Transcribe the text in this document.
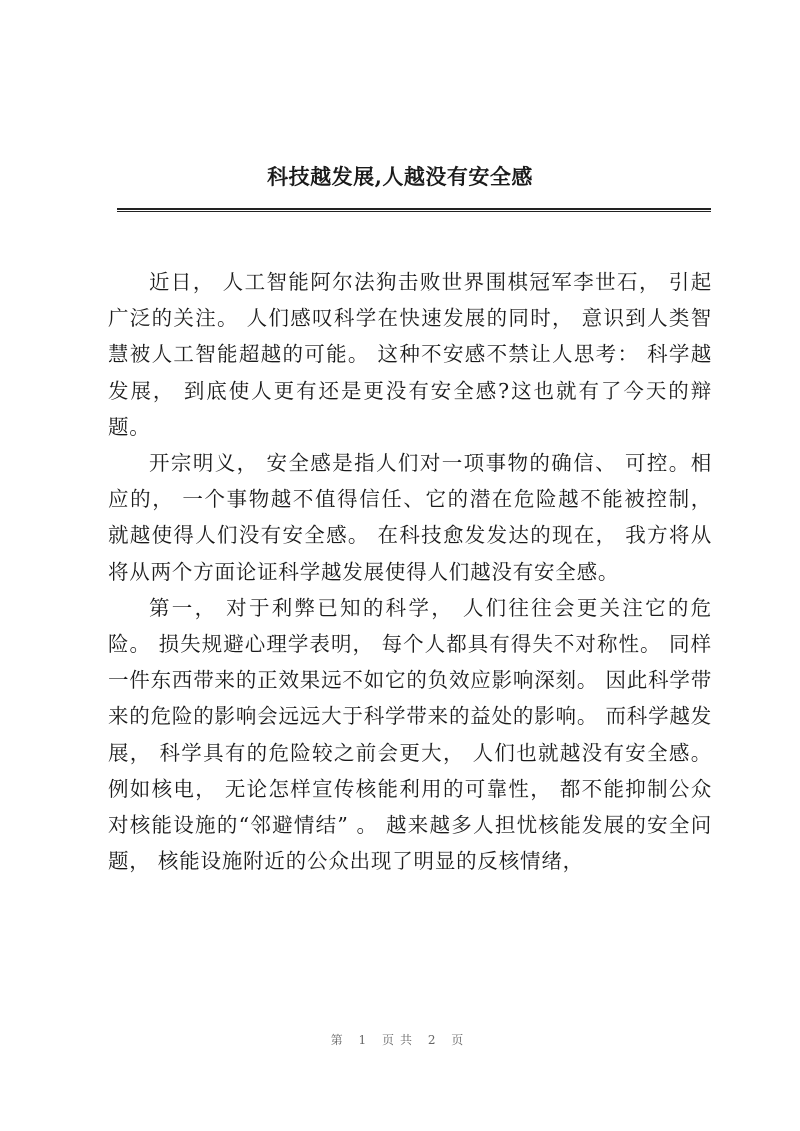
科技越发展,人越没有安全感

近日， 人工智能阿尔法狗击败世界围棋冠军李世石， 引起广泛的关注。 人们感叹科学在快速发展的同时， 意识到人类智慧被人工智能超越的可能。 这种不安感不禁让人思考： 科学越发展， 到底使人更有还是更没有安全感?这也就有了今天的辩题。

开宗明义， 安全感是指人们对一项事物的确信、 可控。相应的， 一个事物越不值得信任、它的潜在危险越不能被控制， 就越使得人们没有安全感。 在科技愈发发达的现在， 我方将从将从两个方面论证科学越发展使得人们越没有安全感。

第一， 对于利弊已知的科学， 人们往往会更关注它的危险。 损失规避心理学表明， 每个人都具有得失不对称性。 同样一件东西带来的正效果远不如它的负效应影响深刻。 因此科学带来的危险的影响会远远大于科学带来的益处的影响。 而科学越发展， 科学具有的危险较之前会更大， 人们也就越没有安全感。 例如核电， 无论怎样宣传核能利用的可靠性， 都不能抑制公众对核能设施的“邻避情结” 。 越来越多人担忧核能发展的安全问题， 核能设施附近的公众出现了明显的反核情绪，

第 1 页共 2 页
